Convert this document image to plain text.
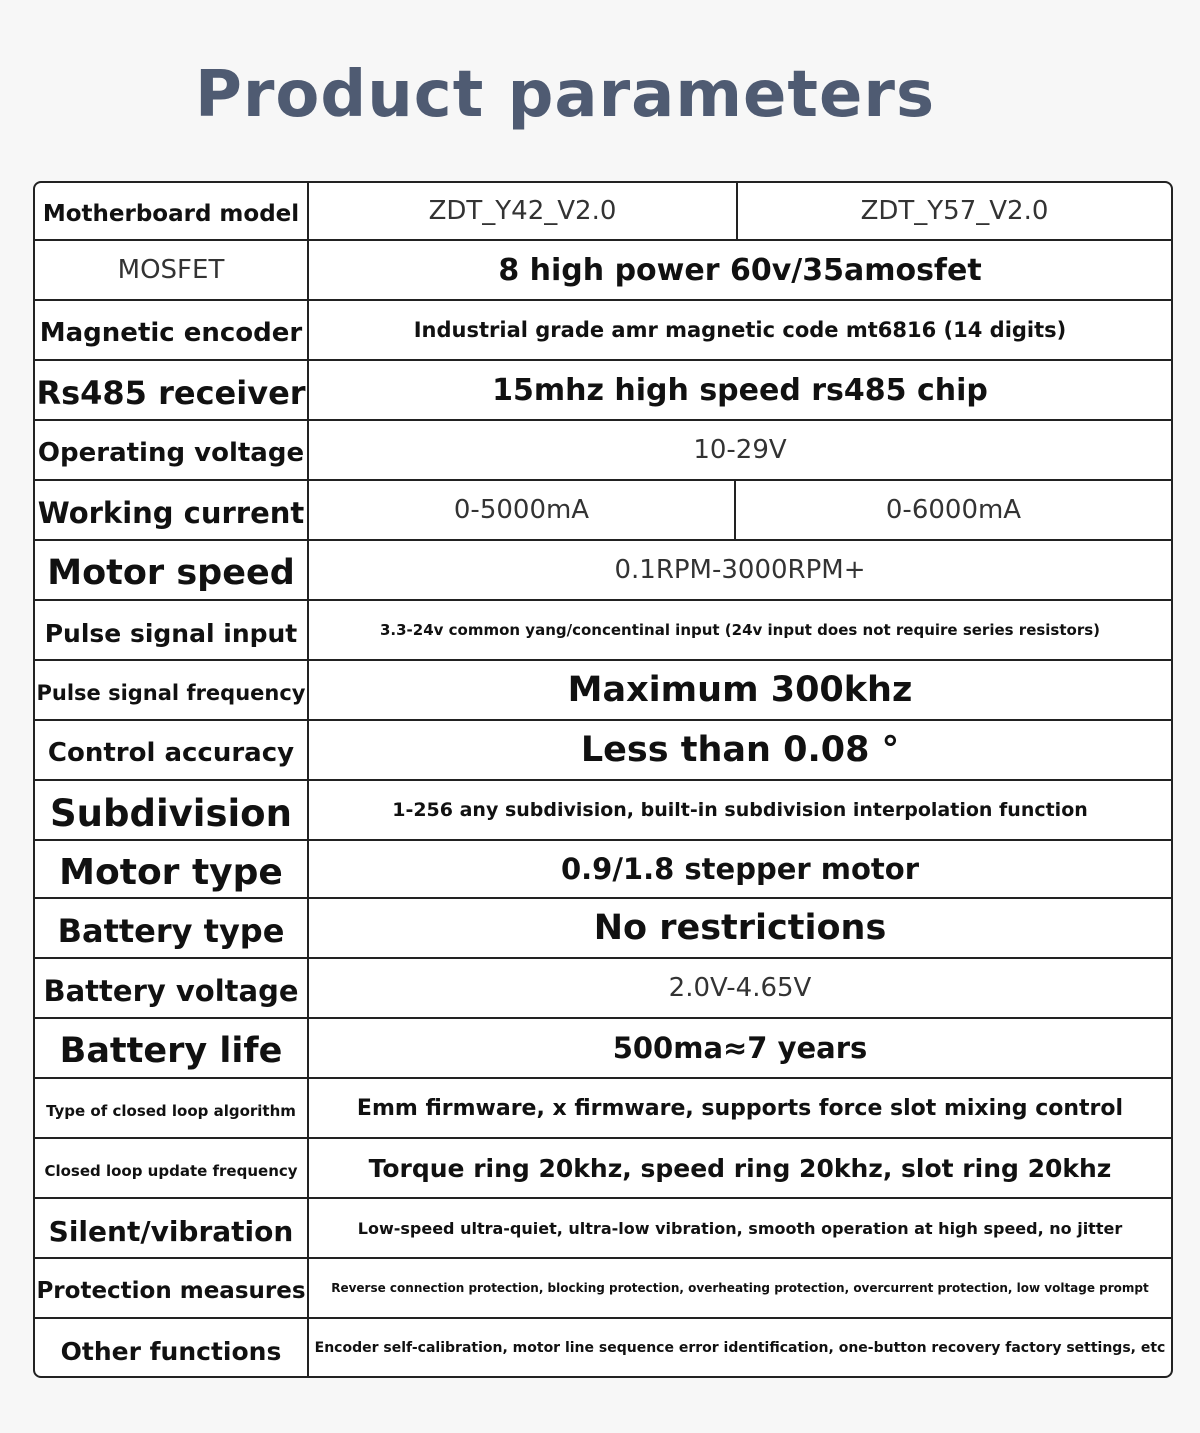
Product parameters
Motherboard model	ZDT_Y42_V2.0	ZDT_Y57_V2.0
MOSFET	8 high power 60v/35amosfet
Magnetic encoder	Industrial grade amr magnetic code mt6816 (14 digits)
Rs485 receiver	15mhz high speed rs485 chip
Operating voltage	10-29V
Working current	0-5000mA	0-6000mA
Motor speed	0.1RPM-3000RPM+
Pulse signal input	3.3-24v common yang/concentinal input (24v input does not require series resistors)
Pulse signal frequency	Maximum 300khz
Control accuracy	Less than 0.08 °
Subdivision	1-256 any subdivision, built-in subdivision interpolation function
Motor type	0.9/1.8 stepper motor
Battery type	No restrictions
Battery voltage	2.0V-4.65V
Battery life	500ma≈7 years
Type of closed loop algorithm	Emm firmware, x firmware, supports force slot mixing control
Closed loop update frequency	Torque ring 20khz, speed ring 20khz, slot ring 20khz
Silent/vibration	Low-speed ultra-quiet, ultra-low vibration, smooth operation at high speed, no jitter
Protection measures	Reverse connection protection, blocking protection, overheating protection, overcurrent protection, low voltage prompt
Other functions	Encoder self-calibration, motor line sequence error identification, one-button recovery factory settings, etc
